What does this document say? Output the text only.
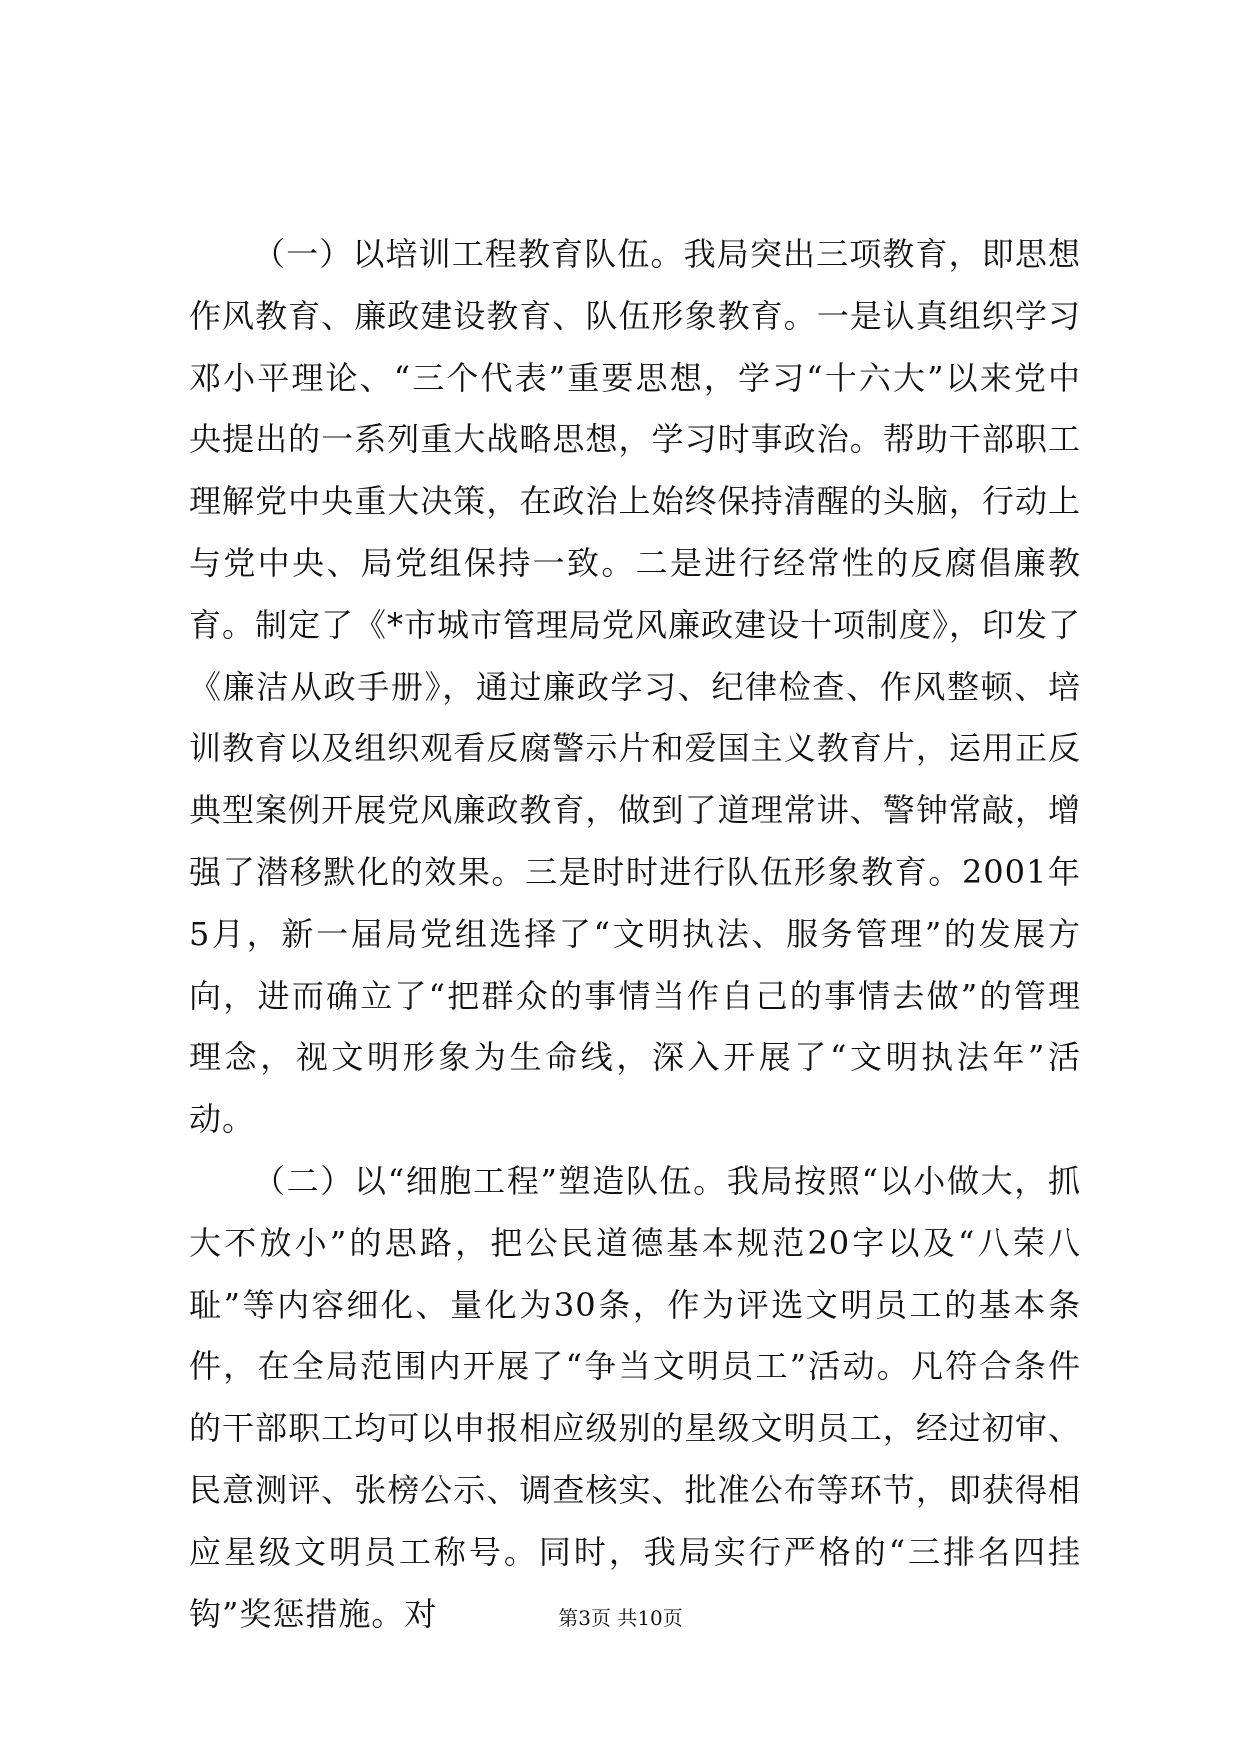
（一）以培训工程教育队伍。我局突出三项教育，即思想作风教育、廉政建设教育、队伍形象教育。一是认真组织学习邓小平理论、“三个代表”重要思想，学习“十六大”以来党中央提出的一系列重大战略思想，学习时事政治。帮助干部职工理解党中央重大决策，在政治上始终保持清醒的头脑，行动上与党中央、局党组保持一致。二是进行经常性的反腐倡廉教育。制定了《*市城市管理局党风廉政建设十项制度》，印发了《廉洁从政手册》，通过廉政学习、纪律检查、作风整顿、培训教育以及组织观看反腐警示片和爱国主义教育片，运用正反典型案例开展党风廉政教育，做到了道理常讲、警钟常敲，增强了潜移默化的效果。三是时时进行队伍形象教育。2001年5月，新一届局党组选择了“文明执法、服务管理”的发展方向，进而确立了“把群众的事情当作自己的事情去做”的管理理念，视文明形象为生命线，深入开展了“文明执法年”活动。

（二）以“细胞工程”塑造队伍。我局按照“以小做大，抓大不放小”的思路，把公民道德基本规范20字以及“八荣八耻”等内容细化、量化为30条，作为评选文明员工的基本条件，在全局范围内开展了“争当文明员工”活动。凡符合条件的干部职工均可以申报相应级别的星级文明员工，经过初审、民意测评、张榜公示、调查核实、批准公布等环节，即获得相应星级文明员工称号。同时，我局实行严格的“三排名四挂钩”奖惩措施。对	第3页 共10页
